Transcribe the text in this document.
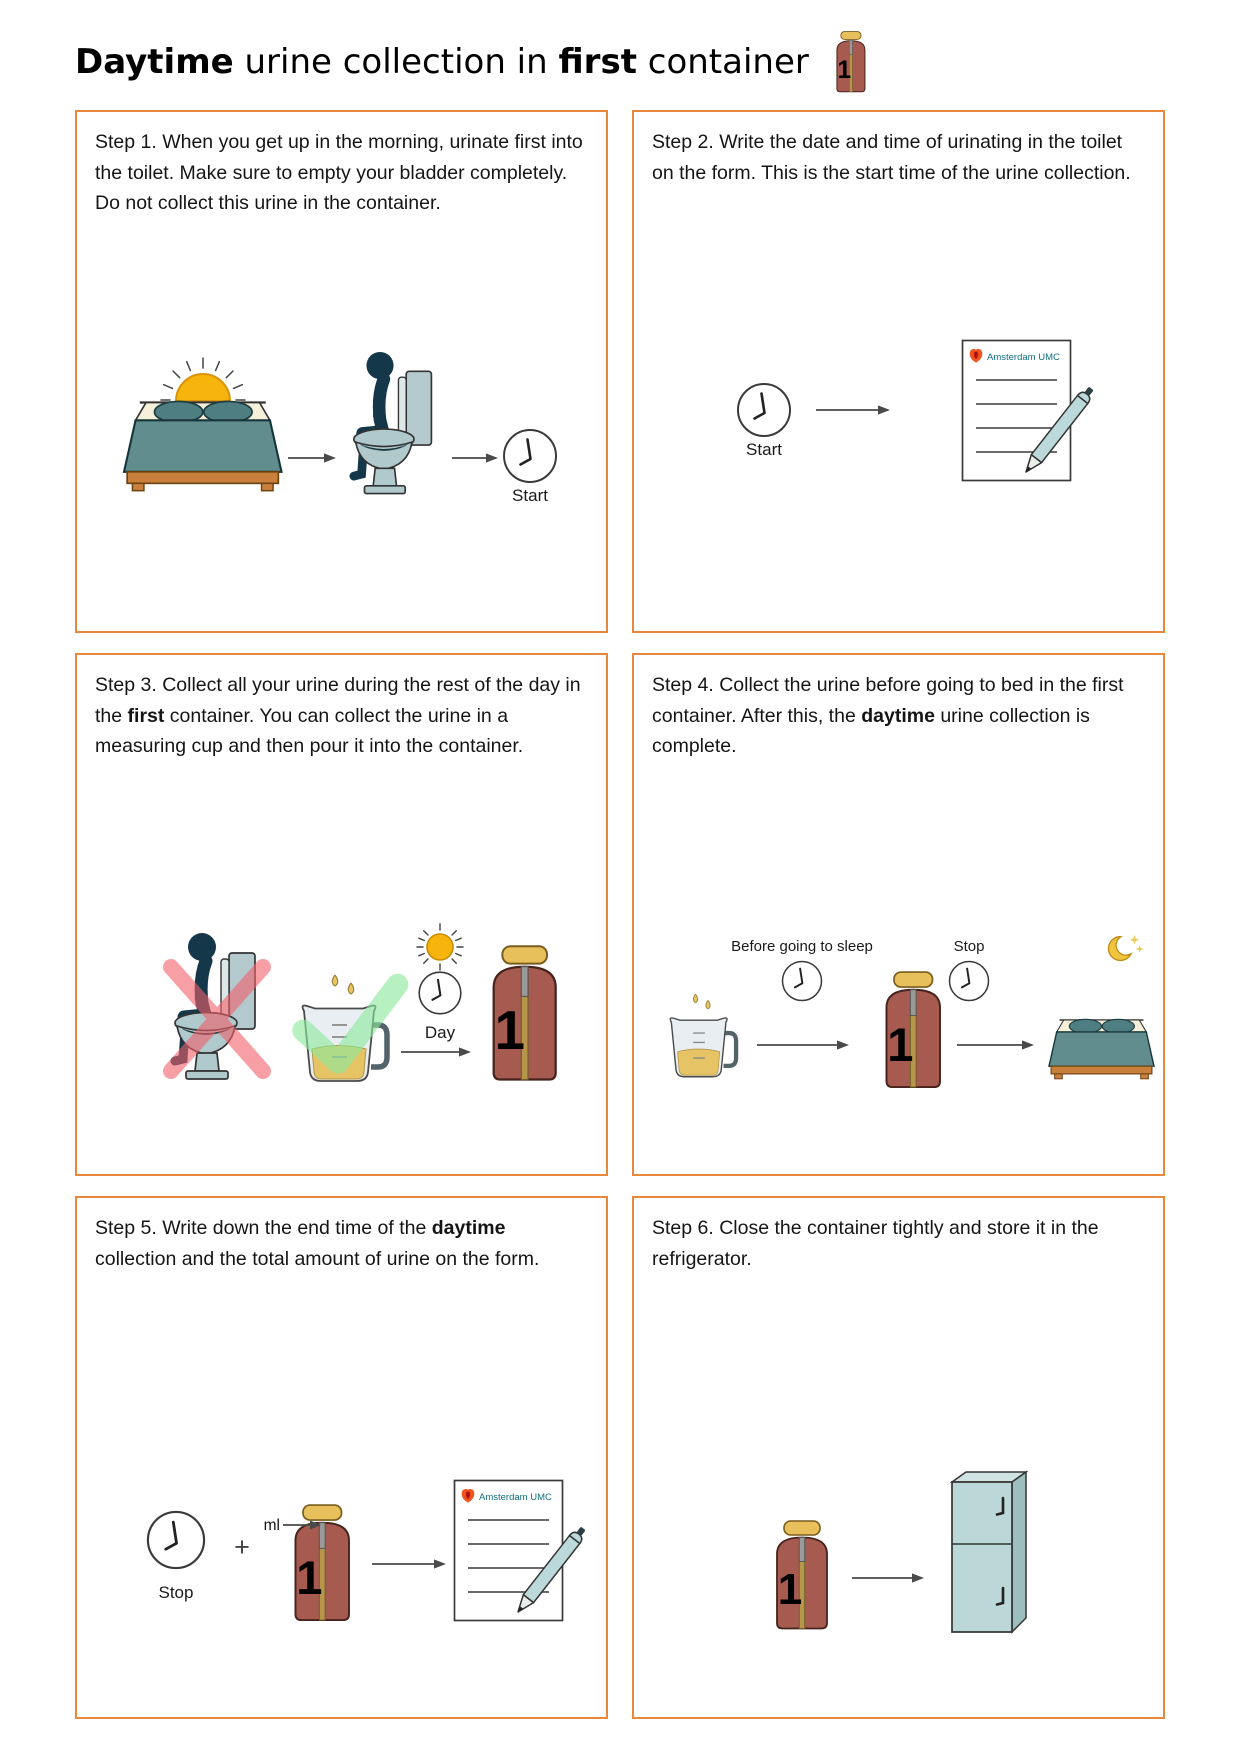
1
Amsterdam UMC
Daytime urine collection in first container

Step 1. When you get up in the morning, urinate first into the toilet. Make sure to empty your bladder completely. Do not collect this urine in the container.

Start

Step 2. Write the date and time of urinating in the toilet on the form. This is the start time of the urine collection.

Start

Step 3. Collect all your urine during the rest of the day in the first container. You can collect the urine in a measuring cup and then pour it into the container.

Day

Step 4. Collect the urine before going to bed in the first container. After this, the daytime urine collection is complete.

Before going to sleep	Stop

Step 5. Write down the end time of the daytime collection and the total amount of urine on the form.

Stop
+
ml

Step 6. Close the container tightly and store it in the refrigerator.
